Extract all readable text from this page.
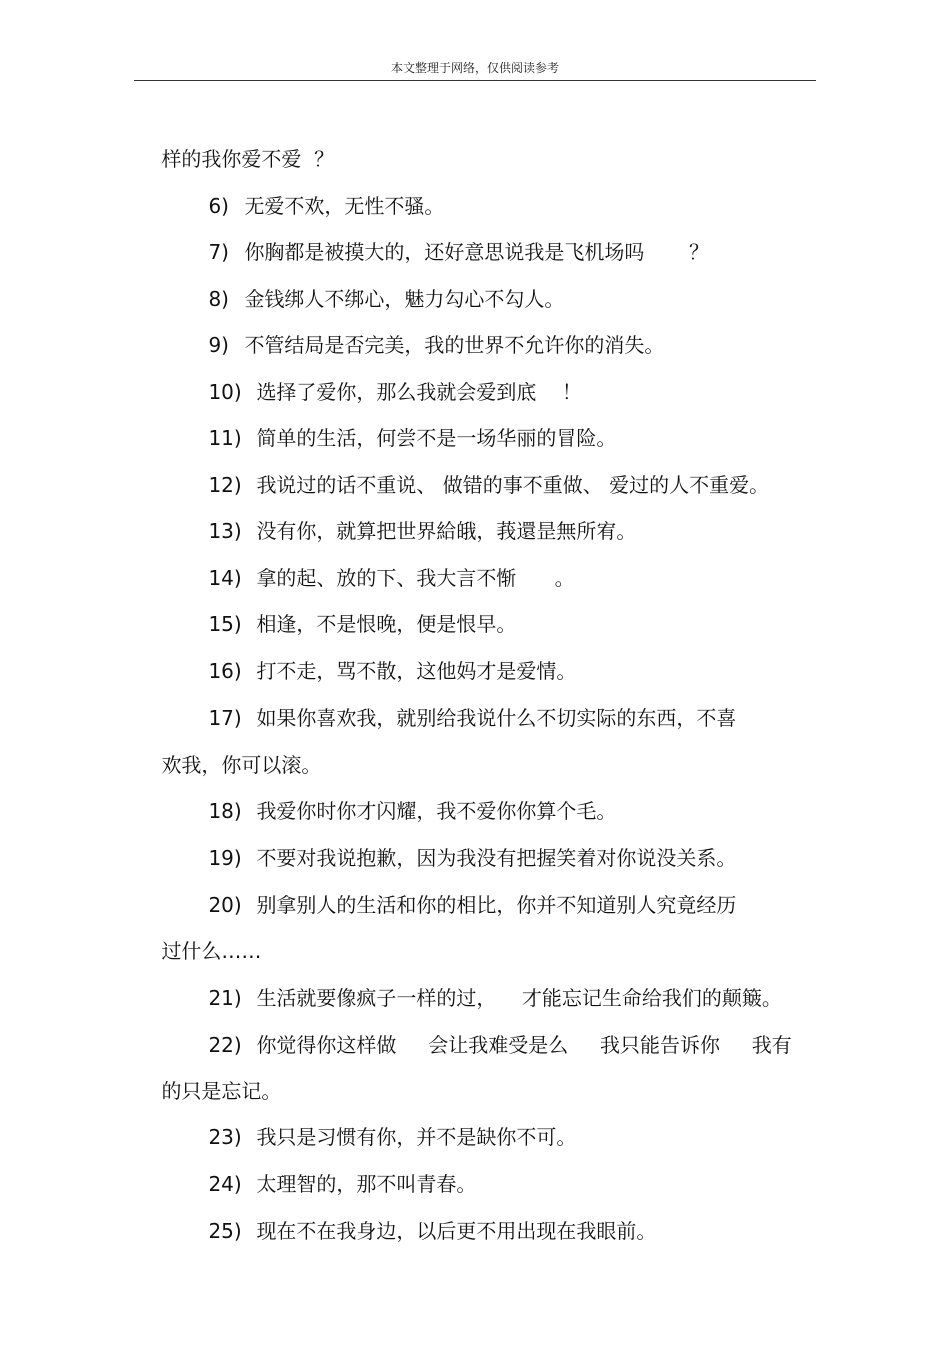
本文整理于网络，仅供阅读参考

样的我你爱不爱  ？

6) 无爱不欢，无性不骚。

7) 你胸都是被摸大的，还好意思说我是飞机场吗       ？

8) 金钱绑人不绑心，魅力勾心不勾人。

9) 不管结局是否完美，我的世界不允许你的消失。

10) 选择了爱你，那么我就会爱到底    ！

11) 简单的生活，何尝不是一场华丽的冒险。

12) 我说过的话不重说、 做错的事不重做、 爱过的人不重爱。

13) 没有你，就算把世界給皒，莪還昰無所宥。

14) 拿的起、放的下、我大言不惭      。

15) 相逢，不是恨晚，便是恨早。

16) 打不走，骂不散，这他妈才是爱情。

17) 如果你喜欢我，就别给我说什么不切实际的东西，不喜

欢我，你可以滚。

18) 我爱你时你才闪耀，我不爱你你算个毛。

19) 不要对我说抱歉，因为我没有把握笑着对你说没关系。

20) 别拿别人的生活和你的相比，你并不知道别人究竟经历

过什么……

21) 生活就要像疯子一样的过，    才能忘记生命给我们的颠簸。

22) 你觉得你这样做     会让我难受是么     我只能告诉你     我有

的只是忘记。

23) 我只是习惯有你，并不是缺你不可。

24) 太理智的，那不叫青春。

25) 现在不在我身边，以后更不用出现在我眼前。
